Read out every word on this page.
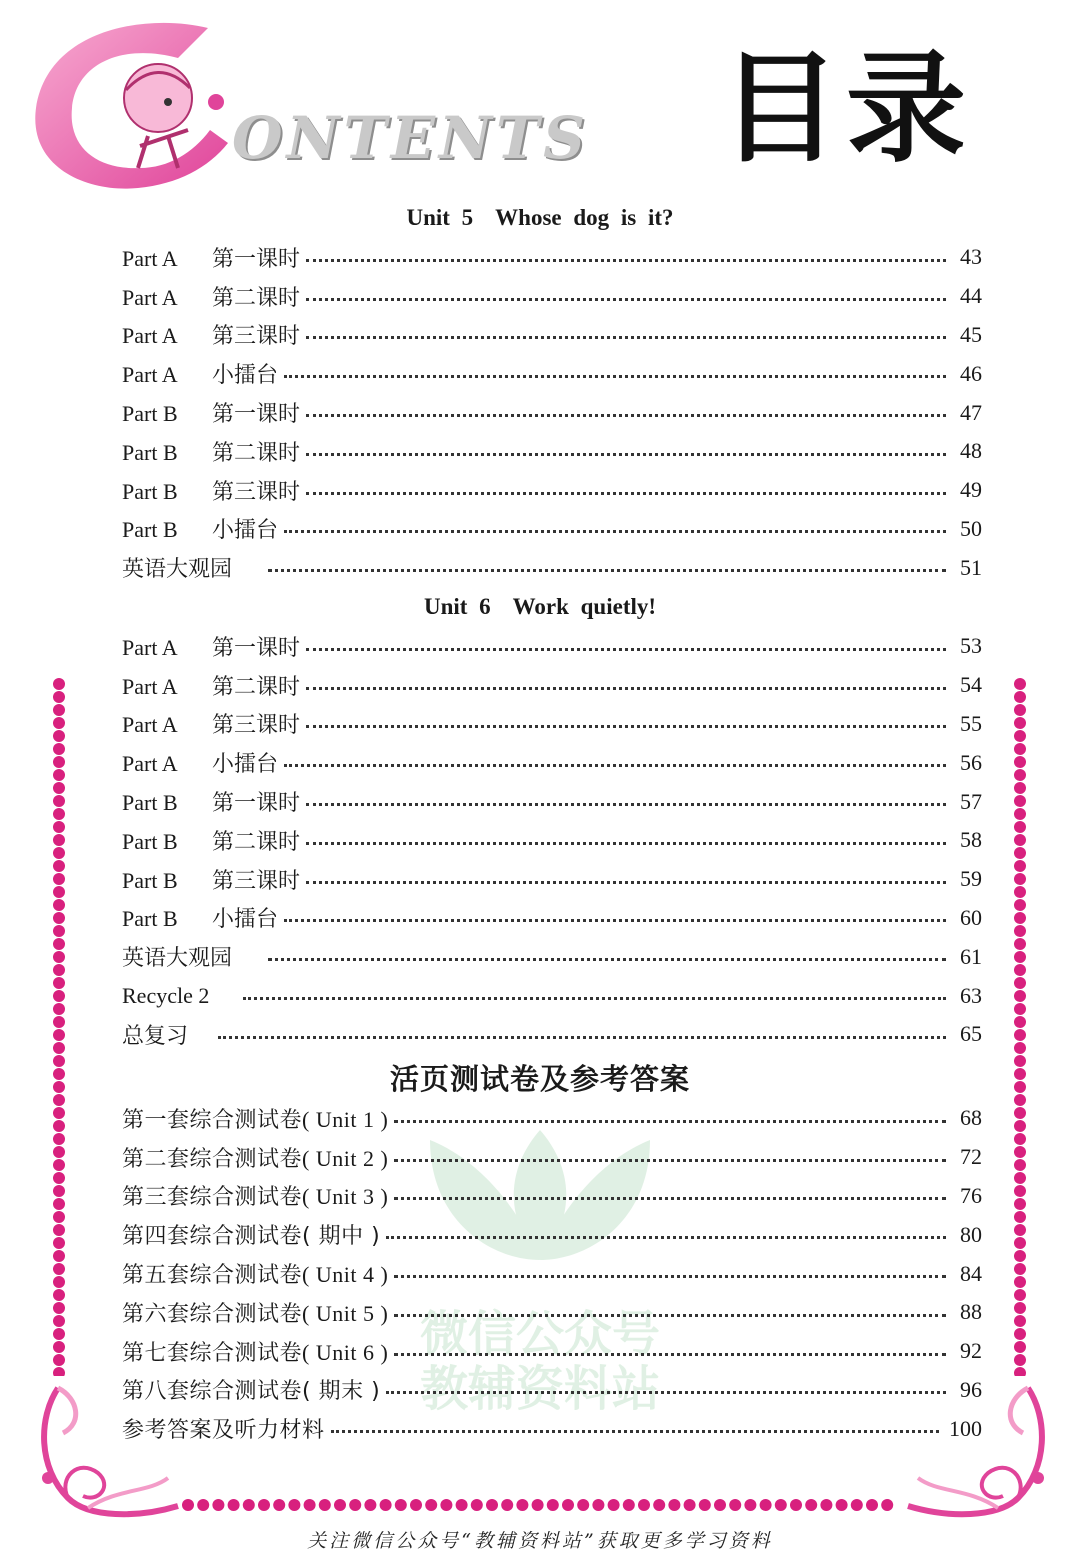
ONTENTS 目录
微信公众号
教辅资料站
Unit 5 Whose dog is it?
Part A 第一课时	43
Part A 第二课时	44
Part A 第三课时	45
Part A 小擂台	46
Part B 第一课时	47
Part B 第二课时	48
Part B 第三课时	49
Part B 小擂台	50
英语大观园	51
Unit 6 Work quietly!
Part A 第一课时	53
Part A 第二课时	54
Part A 第三课时	55
Part A 小擂台	56
Part B 第一课时	57
Part B 第二课时	58
Part B 第三课时	59
Part B 小擂台	60
英语大观园	61
Recycle 2	63
总复习	65
活页测试卷及参考答案
第一套综合测试卷( Unit 1 )	68
第二套综合测试卷( Unit 2 )	72
第三套综合测试卷( Unit 3 )	76
第四套综合测试卷( 期中 )	80
第五套综合测试卷( Unit 4 )	84
第六套综合测试卷( Unit 5 )	88
第七套综合测试卷( Unit 6 )	92
第八套综合测试卷( 期末 )	96
参考答案及听力材料	100
关注微信公众号“教辅资料站”获取更多学习资料
